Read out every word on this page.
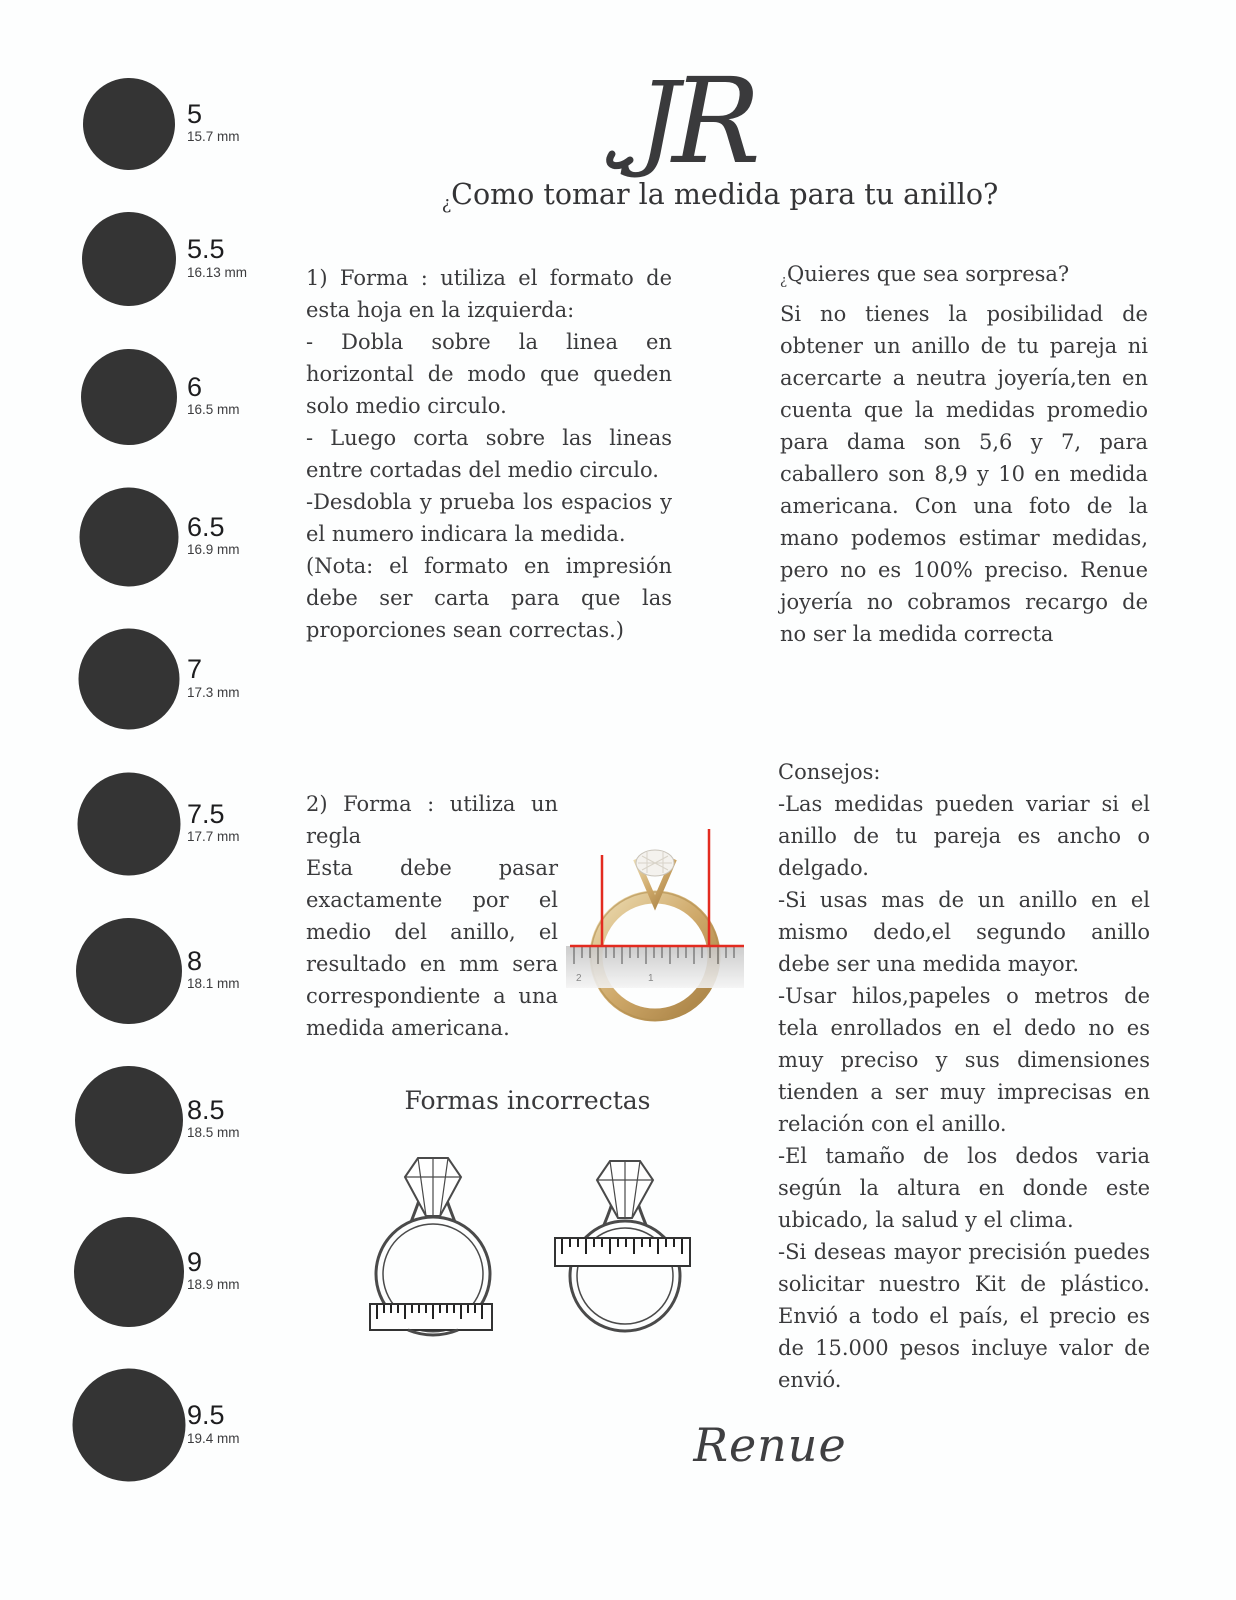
5
15.7 mm
5.5
16.13 mm
6
16.5 mm
6.5
16.9 mm
7
17.3 mm
7.5
17.7 mm
8
18.1 mm
8.5
18.5 mm
9
18.9 mm
9.5
19.4 mm
J
R
¿Como tomar la medida para tu anillo?

1) Forma : utiliza el formato de esta hoja en la izquierda:

- Dobla sobre la linea en horizontal de modo que queden solo medio circulo.

- Luego corta sobre las lineas entre cortadas del medio circulo.

-Desdobla y prueba los espacios y el numero indicara la medida.

(Nota: el formato en impresión debe ser carta para que las proporciones sean correctas.)

¿Quieres que sea sorpresa?

Si no tienes la posibilidad de obtener un anillo de tu pareja ni acercarte a neutra joyería,ten en cuenta que la medidas promedio para dama son 5,6 y 7, para caballero son 8,9 y 10 en medida americana. Con una foto de la mano podemos estimar medidas, pero no es 100% preciso. Renue joyería no cobramos recargo de no ser la medida correcta

2) Forma : utiliza un regla

Esta debe pasar exactamente por el medio del anillo, el resultado en mm sera correspondiente a una medida americana.

2	1
Formas incorrectas

Consejos:

-Las medidas pueden variar si el anillo de tu pareja es ancho o delgado.

-Si usas mas de un anillo en el mismo dedo,el segundo anillo debe ser una medida mayor.

-Usar hilos,papeles o metros de tela enrollados en el dedo no es muy preciso y sus dimensiones tienden a ser muy imprecisas en relación con el anillo.

-El tamaño de los dedos varia según la altura en donde este ubicado, la salud y el clima.

-Si deseas mayor precisión puedes solicitar nuestro Kit de plástico. Envió a todo el país, el precio es de 15.000 pesos incluye valor de envió.

Renue
